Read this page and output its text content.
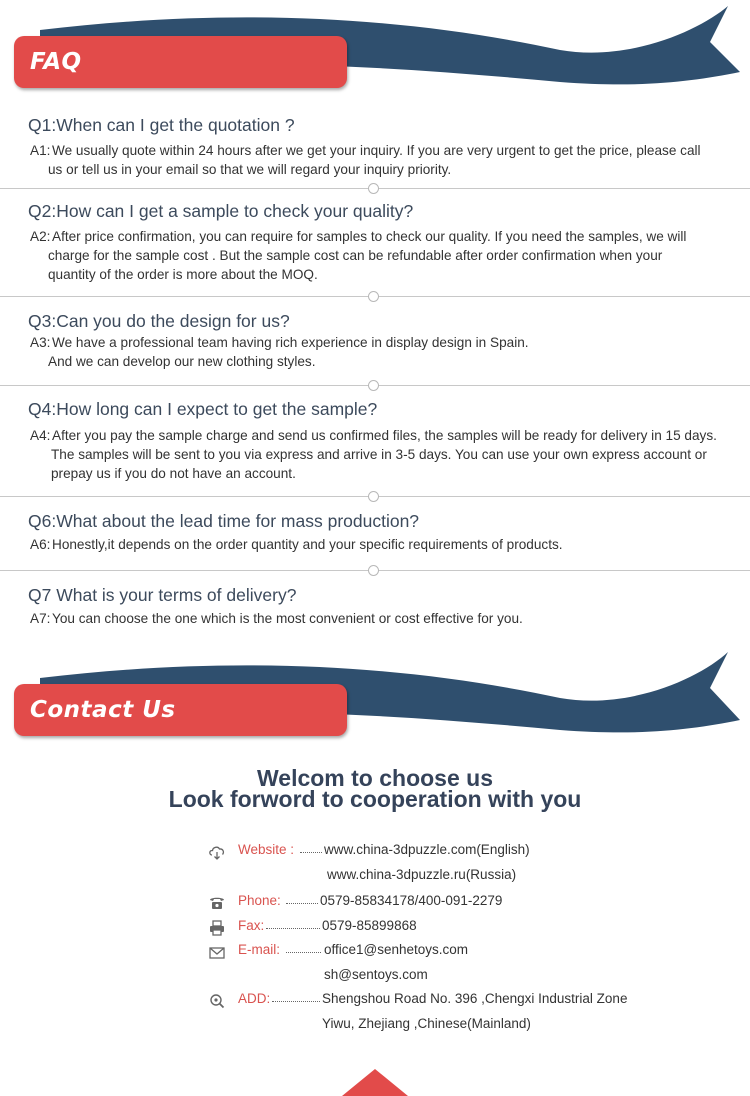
FAQ
Q1:When can I get the quotation ?
A1: We usually quote within 24 hours after we get your inquiry. If you are very urgent to get the price, please call
us or tell us in your email so that we will regard your inquiry priority.
Q2:How can I get a sample to check your quality?
A2: After price confirmation, you can require for samples to check our quality. If you need the samples, we will
charge for the sample cost . But the sample cost can be refundable after order confirmation when your
quantity of the order is more about the MOQ.
Q3:Can you do the design for us?
A3: We have a professional team having rich experience in display design in Spain.
And we can develop our new clothing styles.
Q4:How long can I expect to get the sample?
A4: After you pay the sample charge and send us confirmed files, the samples will be ready for delivery in 15 days.
The samples will be sent to you via express and arrive in 3-5 days. You can use your own express account or
prepay us if you do not have an account.
Q6:What about the lead time for mass production?
A6: Honestly,it depends on the order quantity and your specific requirements of products.
Q7 What is your terms of delivery?
A7: You can choose the one which is the most convenient or cost effective for you.
Contact Us
Welcom to choose us
Look forword to cooperation with you
Website : www.china-3dpuzzle.com(English)
www.china-3dpuzzle.ru(Russia)
Phone:	0579-85834178/400-091-2279
Fax:	0579-85899868
E-mail:	office1@senhetoys.com
sh@sentoys.com
ADD:	Shengshou Road No. 396 ,Chengxi Industrial Zone
Yiwu, Zhejiang ,Chinese(Mainland)
